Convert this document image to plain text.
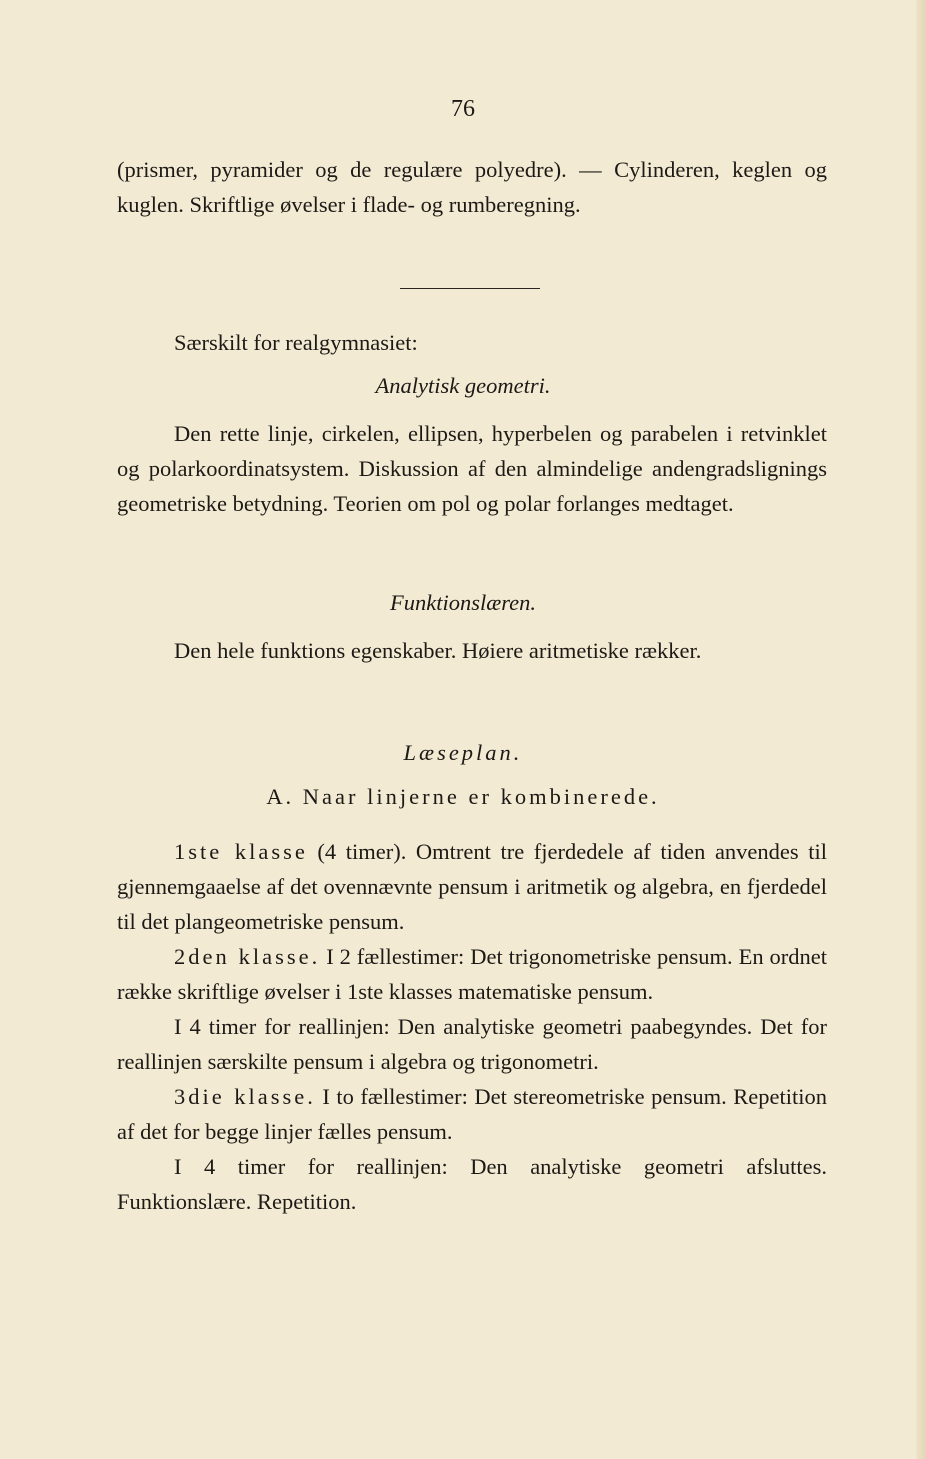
76

(prismer, pyramider og de regulære polyedre). — Cylinderen, keglen og kuglen. Skriftlige øvelser i flade- og rumberegning.

Særskilt for realgymnasiet:

Analytisk geometri.

Den rette linje, cirkelen, ellipsen, hyperbelen og parabelen i retvinklet og polarkoordinatsystem. Diskussion af den almindelige andengradslignings geometriske betydning. Teorien om pol og polar forlanges medtaget.

Funktionslæren.

Den hele funktions egenskaber. Høiere aritmetiske rækker.

Læseplan.
A. Naar linjerne er kombinerede.

1ste klasse (4 timer). Omtrent tre fjerdedele af tiden anvendes til gjennemgaaelse af det ovennævnte pensum i aritmetik og algebra, en fjerdedel til det plangeometriske pensum.

2den klasse. I 2 fællestimer: Det trigonometriske pensum. En ordnet række skriftlige øvelser i 1ste klasses matematiske pensum.

I 4 timer for reallinjen: Den analytiske geometri paabegyndes. Det for reallinjen særskilte pensum i algebra og trigonometri.

3die klasse. I to fællestimer: Det stereometriske pensum. Repetition af det for begge linjer fælles pensum.

I 4 timer for reallinjen: Den analytiske geometri afsluttes. Funktionslære. Repetition.
